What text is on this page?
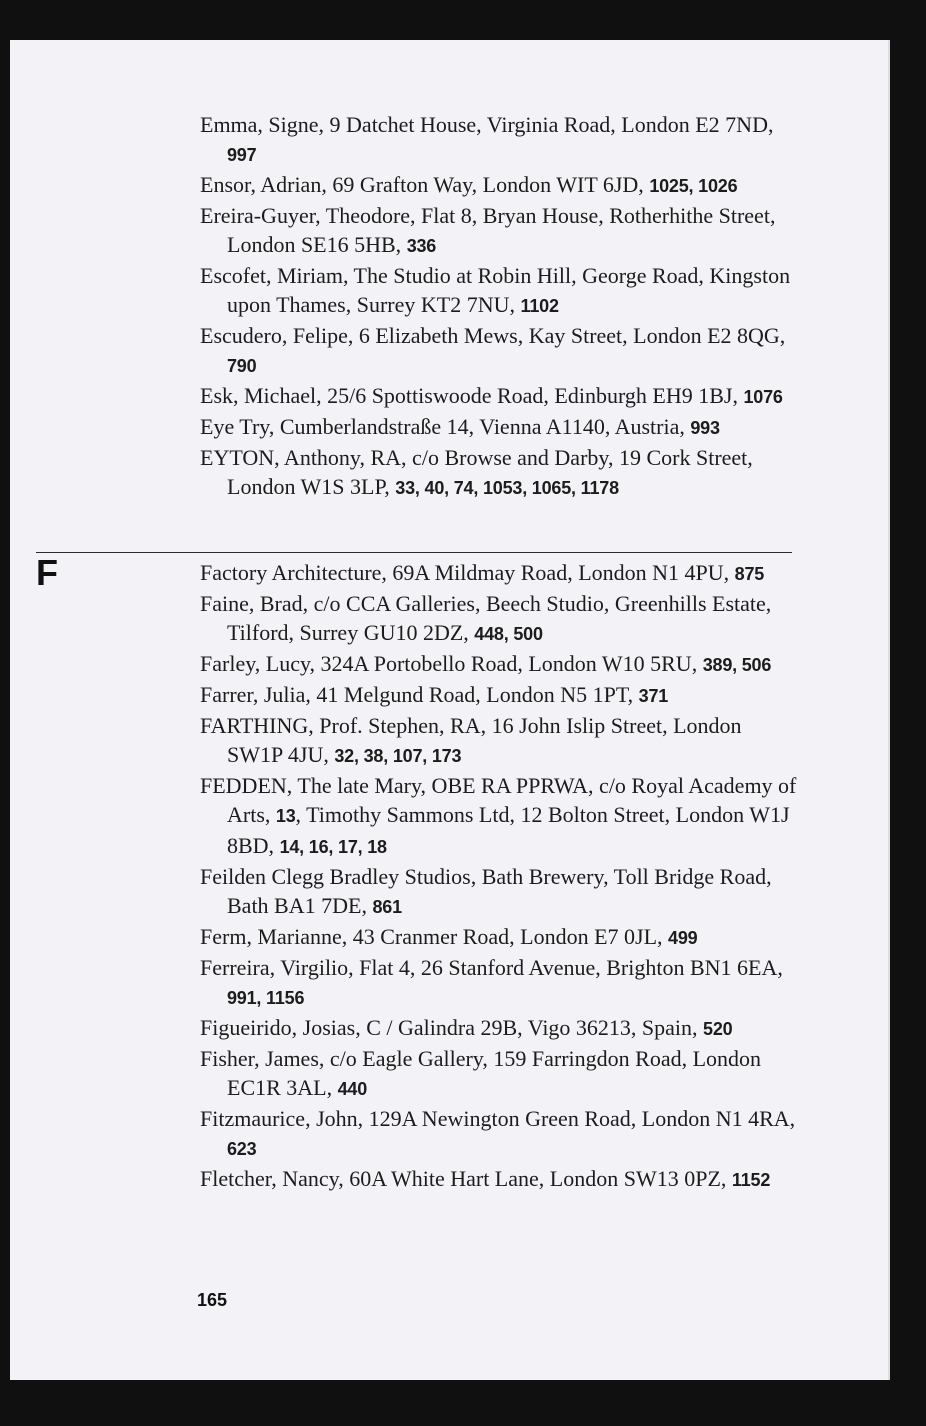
Emma, Signe, 9 Datchet House, Virginia Road, London E2 7ND, 997

Ensor, Adrian, 69 Grafton Way, London WIT 6JD, 1025, 1026

Ereira-Guyer, Theodore, Flat 8, Bryan House, Rotherhithe Street, London SE16 5HB, 336

Escofet, Miriam, The Studio at Robin Hill, George Road, Kingston upon Thames, Surrey KT2 7NU, 1102

Escudero, Felipe, 6 Elizabeth Mews, Kay Street, London E2 8QG, 790

Esk, Michael, 25/6 Spottiswoode Road, Edinburgh EH9 1BJ, 1076

Eye Try, Cumberlandstraße 14, Vienna A1140, Austria, 993

EYTON, Anthony, RA, c/o Browse and Darby, 19 Cork Street, London W1S 3LP, 33, 40, 74, 1053, 1065, 1178

F	Factory Architecture, 69A Mildmay Road, London N1 4PU, 875

Faine, Brad, c/o CCA Galleries, Beech Studio, Greenhills Estate, Tilford, Surrey GU10 2DZ, 448, 500

Farley, Lucy, 324A Portobello Road, London W10 5RU, 389, 506

Farrer, Julia, 41 Melgund Road, London N5 1PT, 371

FARTHING, Prof. Stephen, RA, 16 John Islip Street, London SW1P 4JU, 32, 38, 107, 173

FEDDEN, The late Mary, OBE RA PPRWA, c/o Royal Academy of Arts, 13, Timothy Sammons Ltd, 12 Bolton Street, London W1J 8BD, 14, 16, 17, 18

Feilden Clegg Bradley Studios, Bath Brewery, Toll Bridge Road, Bath BA1 7DE, 861

Ferm, Marianne, 43 Cranmer Road, London E7 0JL, 499

Ferreira, Virgilio, Flat 4, 26 Stanford Avenue, Brighton BN1 6EA, 991, 1156

Figueirido, Josias, C / Galindra 29B, Vigo 36213, Spain, 520

Fisher, James, c/o Eagle Gallery, 159 Farringdon Road, London EC1R 3AL, 440

Fitzmaurice, John, 129A Newington Green Road, London N1 4RA, 623

Fletcher, Nancy, 60A White Hart Lane, London SW13 0PZ, 1152

165
